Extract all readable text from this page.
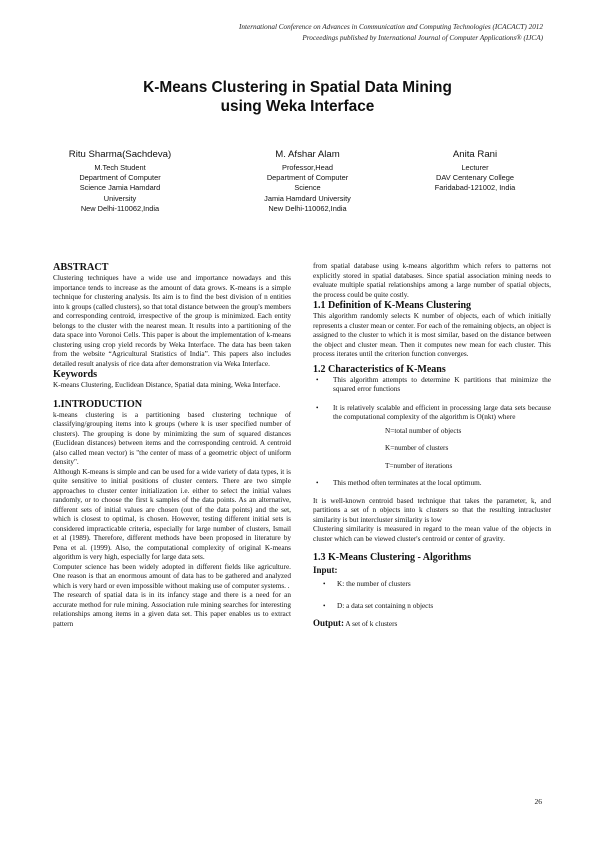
International Conference on Advances in Communication and Computing Technologies (ICACACT) 2012
Proceedings published by International Journal of Computer Applications® (IJCA)
K-Means Clustering in Spatial Data Mining
using Weka Interface
Ritu Sharma(Sachdeva)
M.Tech Student
Department of Computer
Science Jamia Hamdard
University
New Delhi-110062,India
M. Afshar Alam
Professor,Head
Department of Computer
Science
Jamia Hamdard University
New Delhi-110062,India
Anita Rani
Lecturer
DAV Centenary College
Faridabad-121002, India

ABSTRACT

Clustering techniques have a wide use and importance nowadays and this importance tends to increase as the amount of data grows. K-means is a simple technique for clustering analysis. Its aim is to find the best division of n entities into k groups (called clusters), so that total distance between the group's members and corresponding centroid, irrespective of the group is minimized. Each entity belongs to the cluster with the nearest mean. It results into a partitioning of the data space into Voronoi Cells. This paper is about the implementation of k-means clustering using crop yield records by Weka Interface. The data has been taken from the website “Agricultural Statistics of India”. This papers also includes detailed result analysis of rice data after demonstration via Weka Interface.

Keywords

K-means Clustering, Euclidean Distance, Spatial data mining, Weka Interface.

1.INTRODUCTION

k-means clustering is a partitioning based clustering technique of classifying/grouping items into k groups (where k is user specified number of clusters). The grouping is done by minimizing the sum of squared distances (Euclidean distances) between items and the corresponding centroid. A centroid (also called mean vector) is "the center of mass of a geometric object of uniform density".

Although K-means is simple and can be used for a wide variety of data types, it is quite sensitive to initial positions of cluster centers. There are two simple approaches to cluster center initialization i.e. either to select the initial values randomly, or to choose the first k samples of the data points. As an alternative, different sets of initial values are chosen (out of the data points) and the set, which is closest to optimal, is chosen. However, testing different initial sets is considered impracticable criteria, especially for large number of clusters, Ismail et al (1989). Therefore, different methods have been proposed in literature by Pena et al. (1999). Also, the computational complexity of original K-means algorithm is very high, especially for large data sets.

Computer science has been widely adopted in different fields like agriculture. One reason is that an enormous amount of data has to be gathered and analyzed which is very hard or even impossible without making use of computer systems. .

The research of spatial data is in its infancy stage and there is a need for an accurate method for rule mining. Association rule mining searches for interesting relationships among items in a given data set. This paper enables us to extract pattern

from spatial database using k-means algorithm which refers to patterns not explicitly stored in spatial databases. Since spatial association mining needs to evaluate multiple spatial relationships among a large number of spatial objects, the process could be quite costly.

1.1 Definition of K-Means Clustering

This algorithm randomly selects K number of objects, each of which initially represents a cluster mean or center. For each of the remaining objects, an object is assigned to the cluster to which it is most similar, based on the distance between the object and cluster mean. Then it computes new mean for each cluster. This process iterates until the criterion function converges.

1.2 Characteristics of K-Means

• This algorithm attempts to determine K partitions that minimize the squared error functions
• It is relatively scalable and efficient in processing large data sets because the computational complexity of the algorithm is O(nkt) where

N=total number of objects

K=number of clusters

T=number of iterations

• This method often terminates at the local optimum.

It is well-known centroid based technique that takes the parameter, k, and partitions a set of n objects into k clusters so that the resulting intracluster similarity is but intercluster similarity is low

Clustering similarity is measured in regard to the mean value of the objects in cluster which can be viewed cluster's centroid or center of gravity.

1.3 K-Means Clustering - Algorithms

Input:

• K: the number of clusters
• D: a data set containing n objects

Output: A set of k clusters

26
